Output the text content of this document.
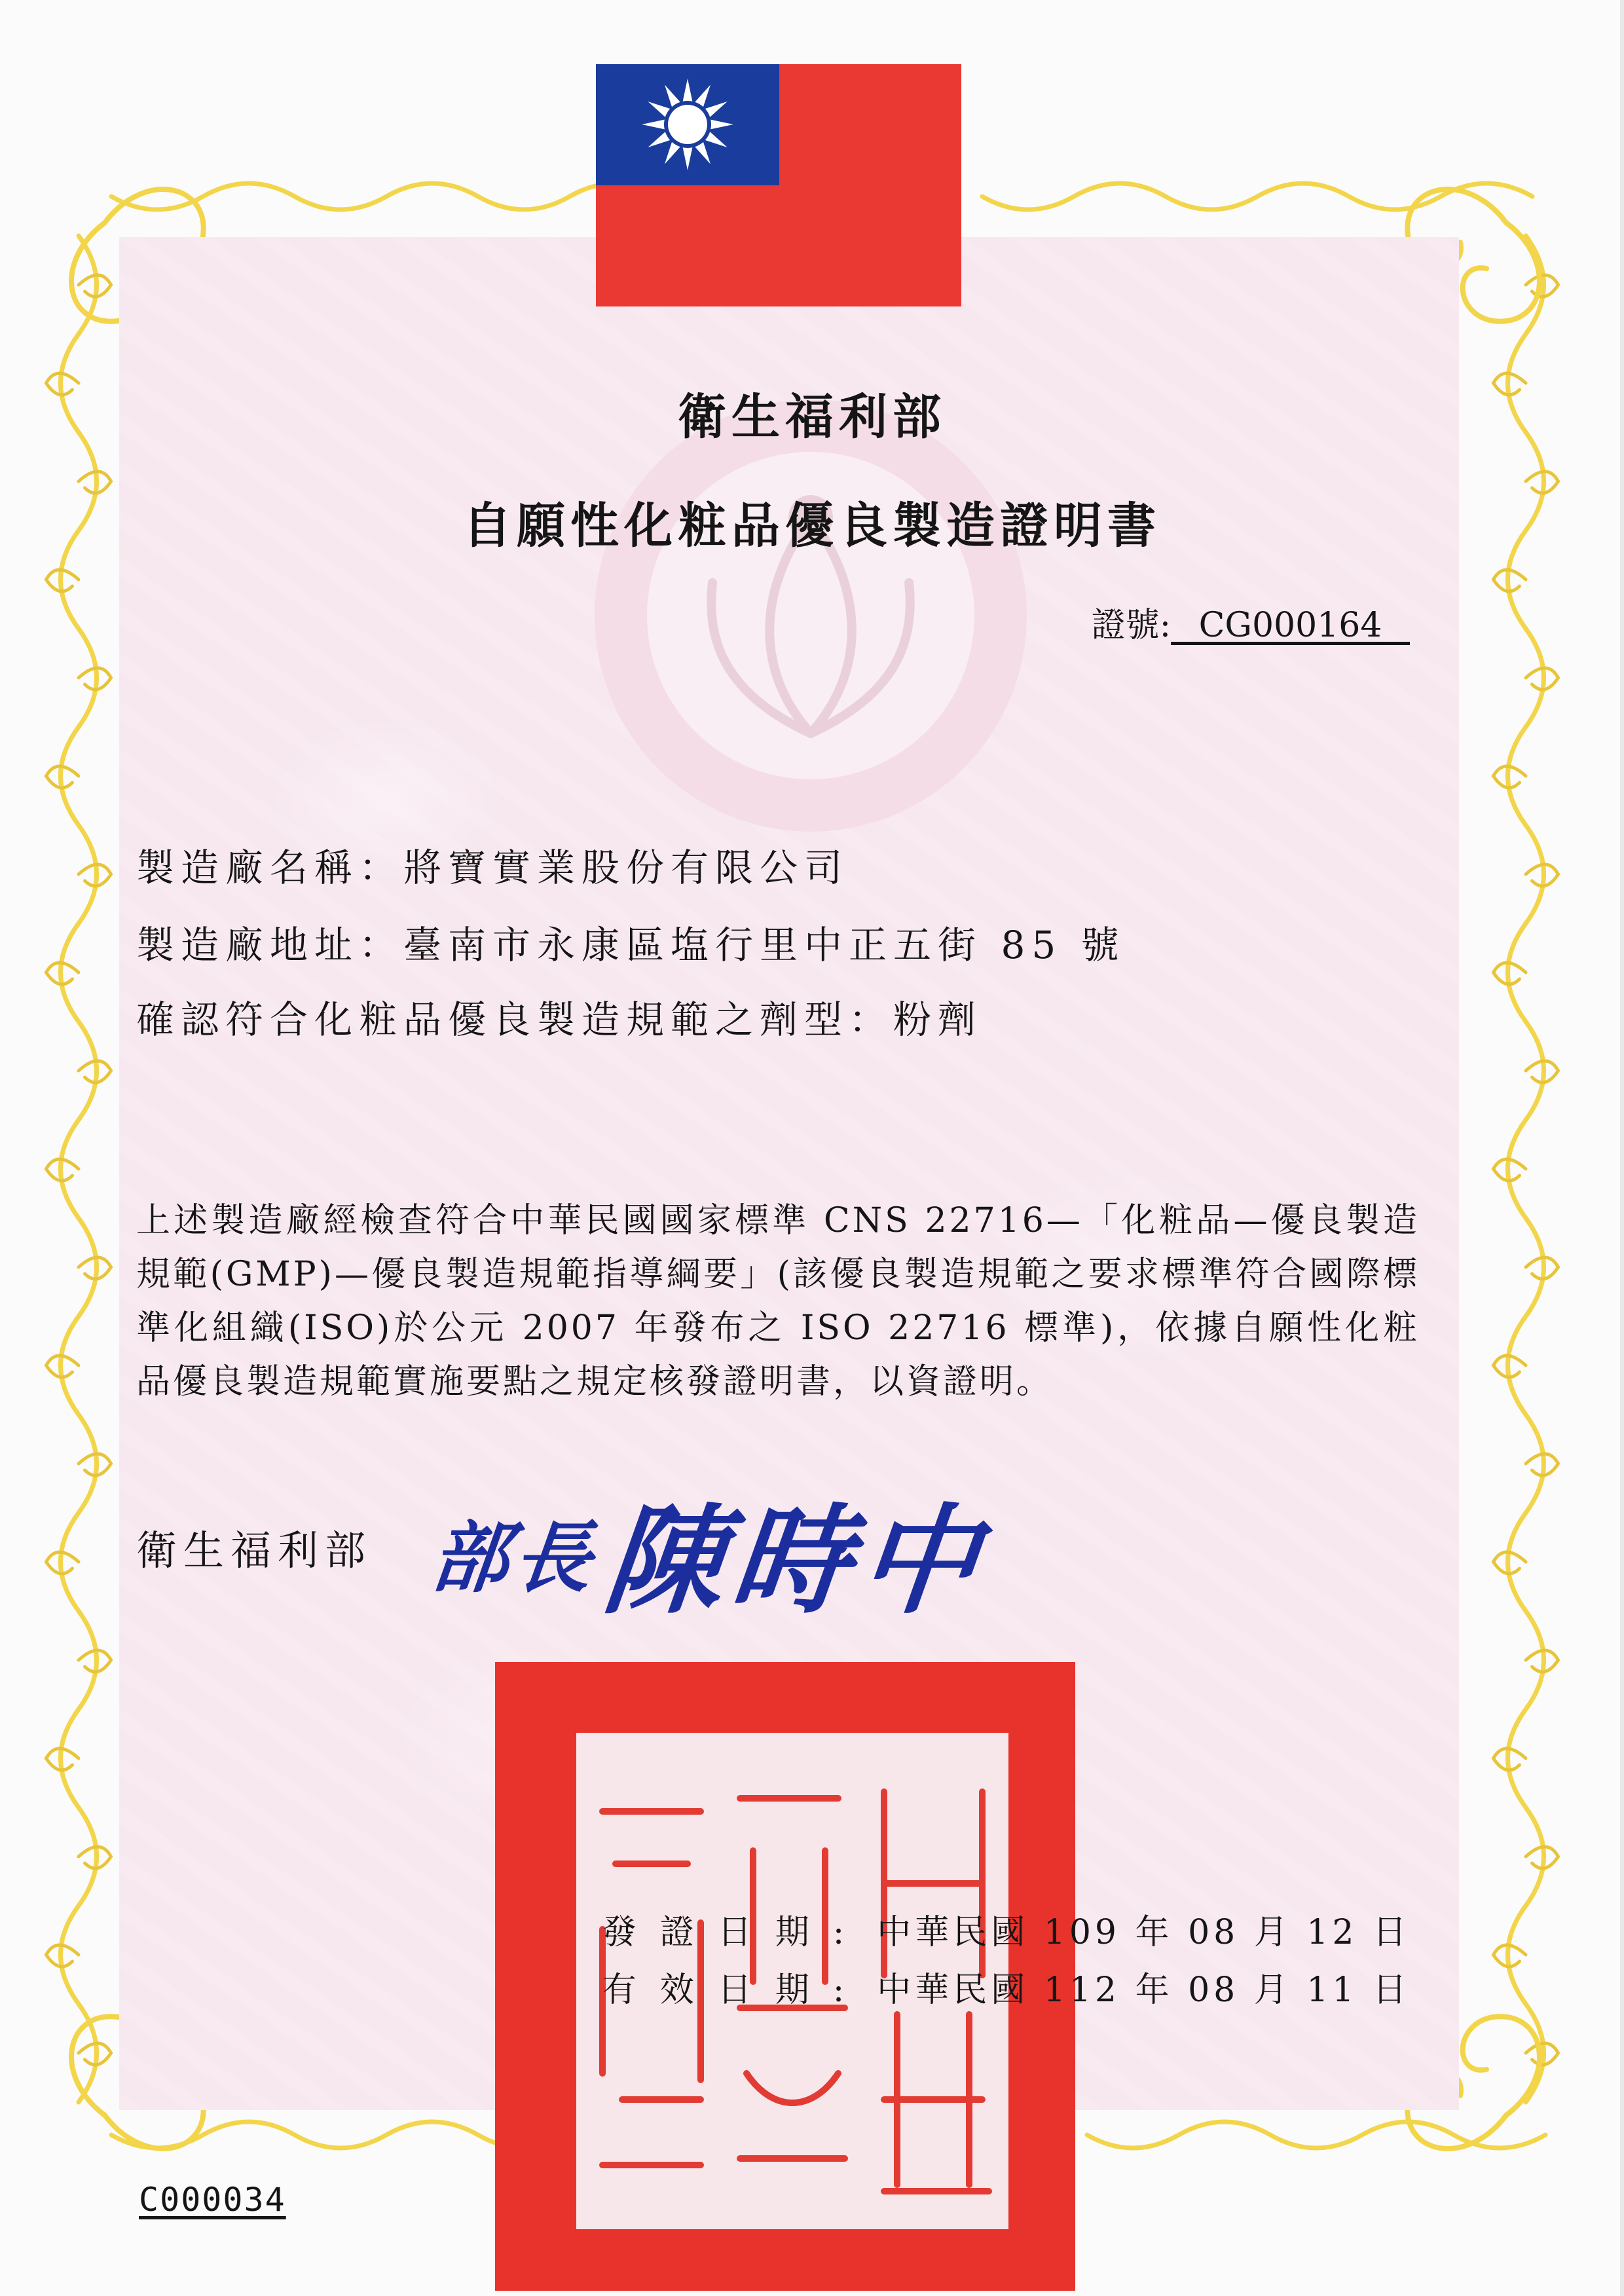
衛生福利部
自願性化粧品優良製造證明書
證號:_ CG000164 _
製造廠名稱：將寶實業股份有限公司
製造廠地址：臺南市永康區塩行里中正五街 85 號
確認符合化粧品優良製造規範之劑型：粉劑
上述製造廠經檢查符合中華民國國家標準 CNS 22716—「化粧品—優良製造規範(GMP)—優良製造規範指導綱要」(該優良製造規範之要求標準符合國際標準化組織(ISO)於公元 2007 年發布之 ISO 22716 標準)，依據自願性化粧品優良製造規範實施要點之規定核發證明書，以資證明。
衛生福利部 部長陳時中
發證日期: 中華民國 109 年 08 月 12 日
有效日期: 中華民國 112 年 08 月 11 日
C000034
